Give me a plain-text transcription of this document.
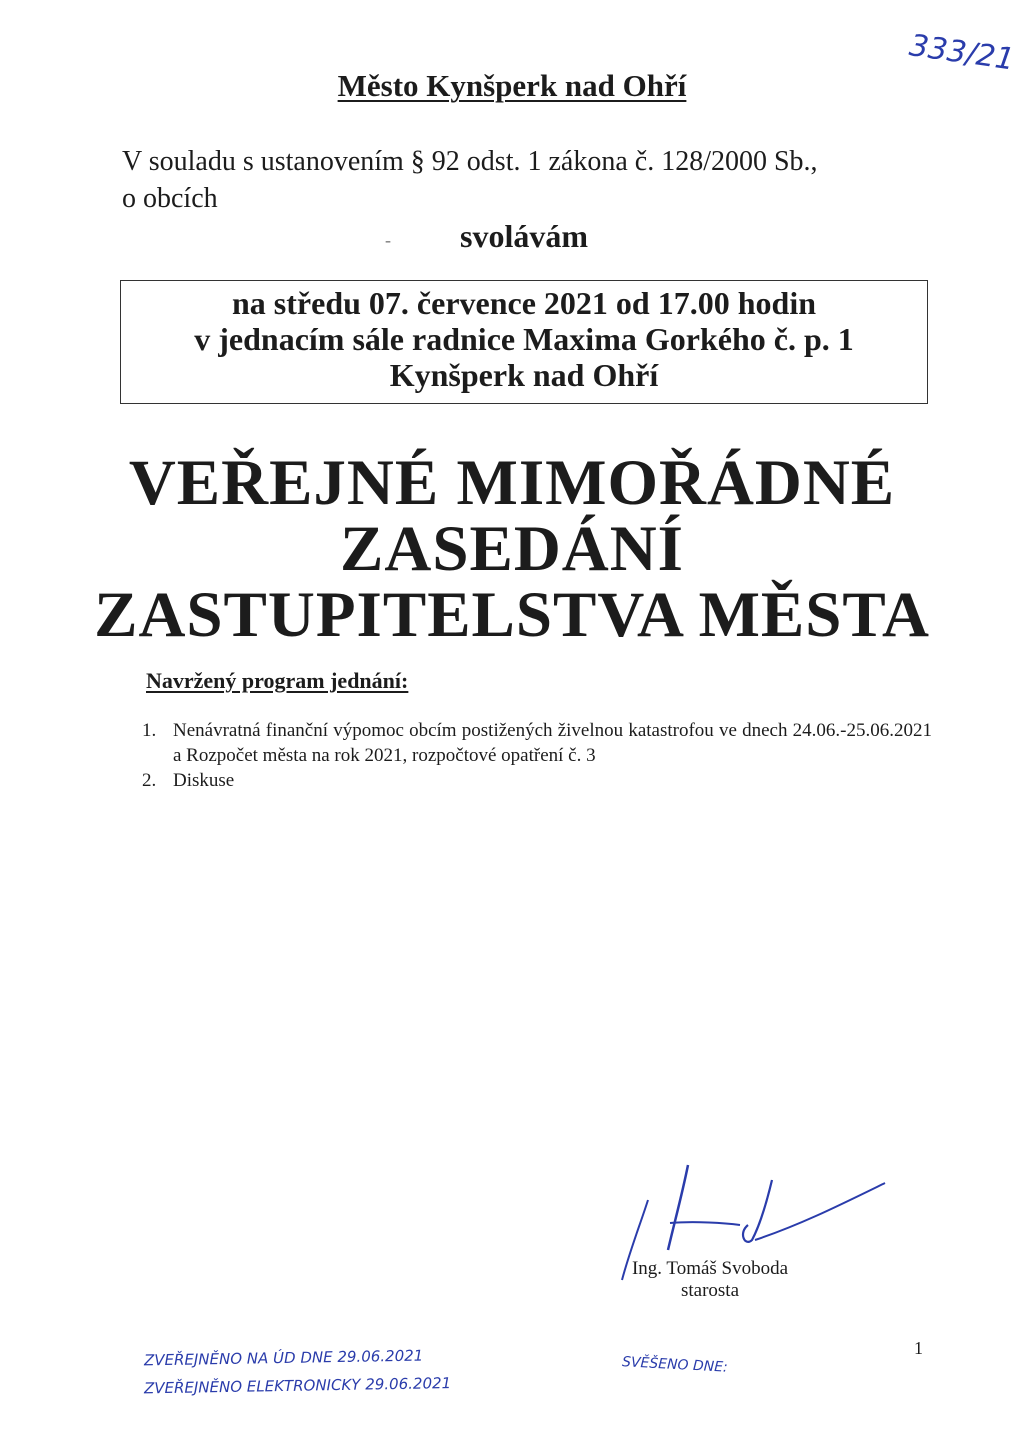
333/21
Město Kynšperk nad Ohří
V souladu s ustanovením § 92 odst. 1 zákona č. 128/2000 Sb.,
o obcích
-	svolávám
na středu 07. července 2021 od 17.00 hodin
v jednacím sále radnice Maxima Gorkého č. p. 1
Kynšperk nad Ohří
VEŘEJNÉ MIMOŘÁDNÉ
ZASEDÁNÍ
ZASTUPITELSTVA MĚSTA
Navržený program jednání:
1. Nenávratná finanční výpomoc obcím postižených živelnou katastrofou ve dnech 24.06.-25.06.2021 a Rozpočet města na rok 2021, rozpočtové opatření č. 3
2. Diskuse
Ing. Tomáš Svoboda
starosta
1
ZVEŘEJNĚNO NA ÚD DNE 29.06.2021
ZVEŘEJNĚNO ELEKTRONICKY 29.06.2021
SVĚŠENO DNE:
